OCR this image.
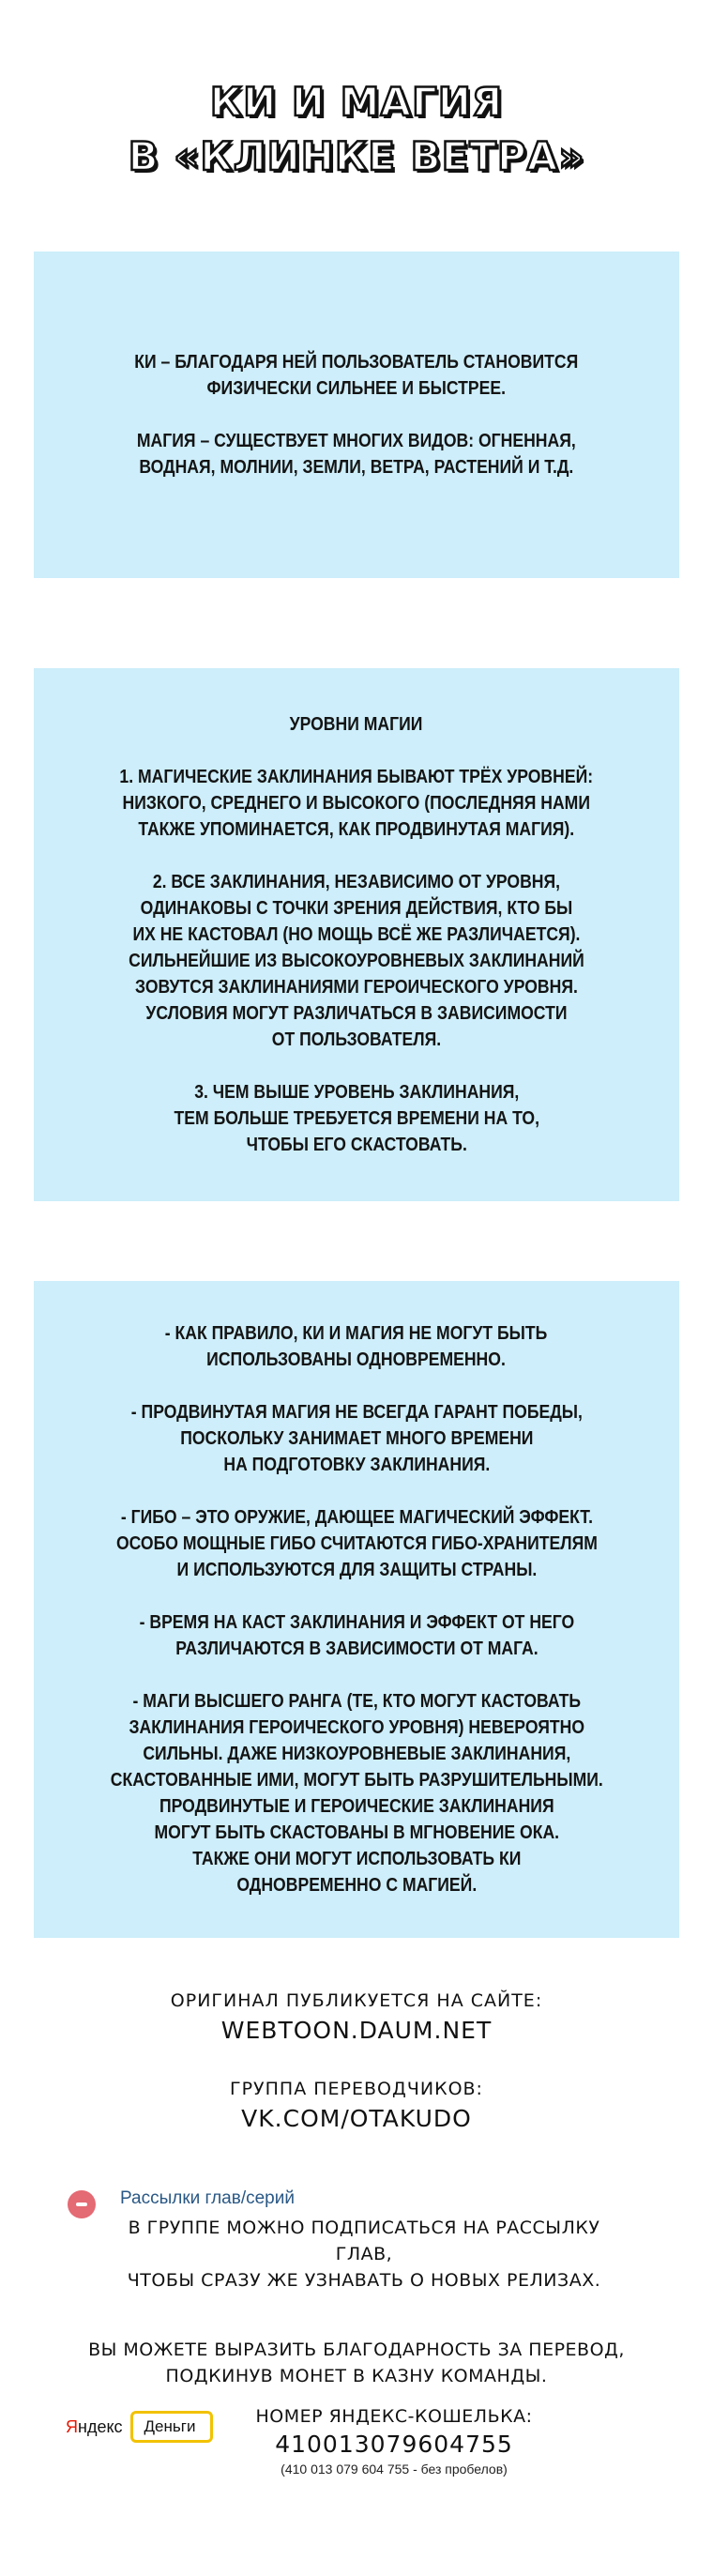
КИ И МАГИЯ
В «КЛИНКЕ ВЕТРА»

КИ – БЛАГОДАРЯ НЕЙ ПОЛЬЗОВАТЕЛЬ СТАНОВИТСЯ
ФИЗИЧЕСКИ СИЛЬНЕЕ И БЫСТРЕЕ.

МАГИЯ – СУЩЕСТВУЕТ МНОГИХ ВИДОВ: ОГНЕННАЯ,
ВОДНАЯ, МОЛНИИ, ЗЕМЛИ, ВЕТРА, РАСТЕНИЙ И Т.Д.

УРОВНИ МАГИИ

1. МАГИЧЕСКИЕ ЗАКЛИНАНИЯ БЫВАЮТ ТРЁХ УРОВНЕЙ:
НИЗКОГО, СРЕДНЕГО И ВЫСОКОГО (ПОСЛЕДНЯЯ НАМИ
ТАКЖЕ УПОМИНАЕТСЯ, КАК ПРОДВИНУТАЯ МАГИЯ).

2. ВСЕ ЗАКЛИНАНИЯ, НЕЗАВИСИМО ОТ УРОВНЯ,
ОДИНАКОВЫ С ТОЧКИ ЗРЕНИЯ ДЕЙСТВИЯ, КТО БЫ
ИХ НЕ КАСТОВАЛ (НО МОЩЬ ВСЁ ЖЕ РАЗЛИЧАЕТСЯ).
СИЛЬНЕЙШИЕ ИЗ ВЫСОКОУРОВНЕВЫХ ЗАКЛИНАНИЙ
ЗОВУТСЯ ЗАКЛИНАНИЯМИ ГЕРОИЧЕСКОГО УРОВНЯ.
УСЛОВИЯ МОГУТ РАЗЛИЧАТЬСЯ В ЗАВИСИМОСТИ
ОТ ПОЛЬЗОВАТЕЛЯ.

3. ЧЕМ ВЫШЕ УРОВЕНЬ ЗАКЛИНАНИЯ,
ТЕМ БОЛЬШЕ ТРЕБУЕТСЯ ВРЕМЕНИ НА ТО,
ЧТОБЫ ЕГО СКАСТОВАТЬ.

- КАК ПРАВИЛО, КИ И МАГИЯ НЕ МОГУТ БЫТЬ
ИСПОЛЬЗОВАНЫ ОДНОВРЕМЕННО.

- ПРОДВИНУТАЯ МАГИЯ НЕ ВСЕГДА ГАРАНТ ПОБЕДЫ,
ПОСКОЛЬКУ ЗАНИМАЕТ МНОГО ВРЕМЕНИ
НА ПОДГОТОВКУ ЗАКЛИНАНИЯ.

- ГИБО – ЭТО ОРУЖИЕ, ДАЮЩЕЕ МАГИЧЕСКИЙ ЭФФЕКТ.
ОСОБО МОЩНЫЕ ГИБО СЧИТАЮТСЯ ГИБО-ХРАНИТЕЛЯМ
И ИСПОЛЬЗУЮТСЯ ДЛЯ ЗАЩИТЫ СТРАНЫ.

- ВРЕМЯ НА КАСТ ЗАКЛИНАНИЯ И ЭФФЕКТ ОТ НЕГО
РАЗЛИЧАЮТСЯ В ЗАВИСИМОСТИ ОТ МАГА.

- МАГИ ВЫСШЕГО РАНГА (ТЕ, КТО МОГУТ КАСТОВАТЬ
ЗАКЛИНАНИЯ ГЕРОИЧЕСКОГО УРОВНЯ) НЕВЕРОЯТНО
СИЛЬНЫ. ДАЖЕ НИЗКОУРОВНЕВЫЕ ЗАКЛИНАНИЯ,
СКАСТОВАННЫЕ ИМИ, МОГУТ БЫТЬ РАЗРУШИТЕЛЬНЫМИ.
ПРОДВИНУТЫЕ И ГЕРОИЧЕСКИЕ ЗАКЛИНАНИЯ
МОГУТ БЫТЬ СКАСТОВАНЫ В МГНОВЕНИЕ ОКА.
ТАКЖЕ ОНИ МОГУТ ИСПОЛЬЗОВАТЬ КИ
ОДНОВРЕМЕННО С МАГИЕЙ.

ОРИГИНАЛ ПУБЛИКУЕТСЯ НА САЙТЕ:
WEBTOON.DAUM.NET
ГРУППА ПЕРЕВОДЧИКОВ:
VK.COM/OTAKUDO
Рассылки глав/серий
В ГРУППЕ МОЖНО ПОДПИСАТЬСЯ НА РАССЫЛКУ ГЛАВ,
ЧТОБЫ СРАЗУ ЖЕ УЗНАВАТЬ О НОВЫХ РЕЛИЗАХ.
ВЫ МОЖЕТЕ ВЫРАЗИТЬ БЛАГОДАРНОСТЬ ЗА ПЕРЕВОД,
ПОДКИНУВ МОНЕТ В КАЗНУ КОМАНДЫ.
Яндекс	Деньги	НОМЕР ЯНДЕКС-КОШЕЛЬКА:
410013079604755
(410 013 079 604 755 - без пробелов)
